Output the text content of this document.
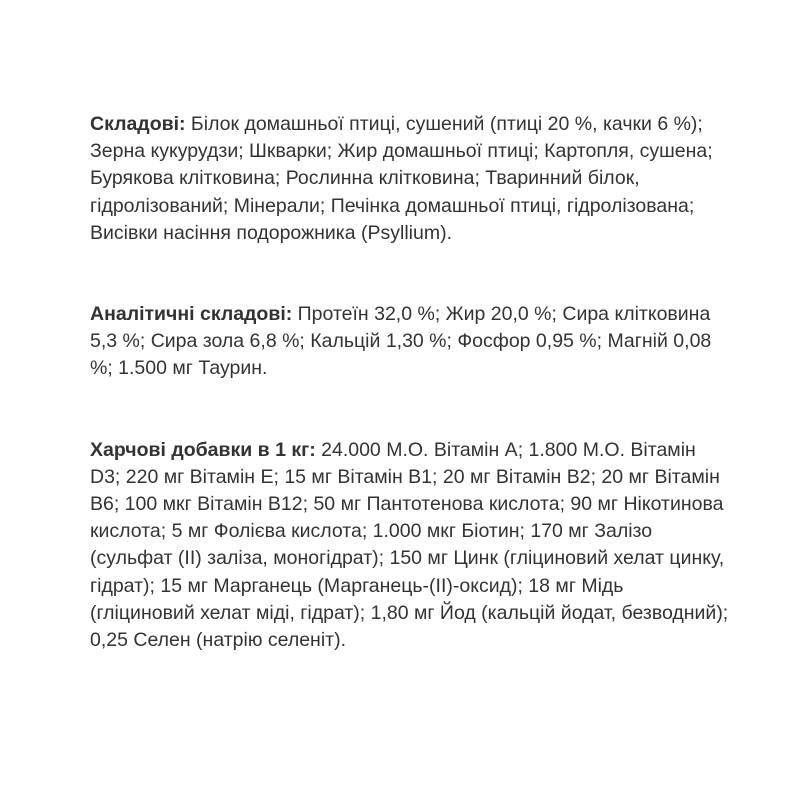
Складові: Білок домашньої птиці, сушений (птиці 20 %, качки 6 %); Зерна кукурудзи; Шкварки; Жир домашньої птиці; Картопля, сушена; Бурякова клітковина; Рослинна клітковина; Тваринний білок, гідролізований; Мінерали; Печінка домашньої птиці, гідролізована; Висівки насіння подорожника (Psyllium).

Аналітичні складові: Протеїн 32,0 %; Жир 20,0 %; Сира клітковина 5,3 %; Сира зола 6,8 %; Кальцій 1,30 %; Фосфор 0,95 %; Магній 0,08 %; 1.500 мг Таурин.

Харчові добавки в 1 кг: 24.000 М.О. Вітамін А; 1.800 М.О. Вітамін D3; 220 мг Вітамін Е; 15 мг Вітамін B1; 20 мг Вітамін B2; 20 мг Вітамін B6; 100 мкг Вітамін B12; 50 мг Пантотенова кислота; 90 мг Нікотинова кислота; 5 мг Фолієва кислота; 1.000 мкг Біотин; 170 мг Залізо (сульфат (II) заліза, моногідрат); 150 мг Цинк (гліциновий хелат цинку, гідрат); 15 мг Марганець (Марганець-(II)-оксид); 18 мг Мідь (гліциновий хелат міді, гідрат); 1,80 мг Йод (кальцій йодат, безводний); 0,25 Селен (натрію селеніт).
